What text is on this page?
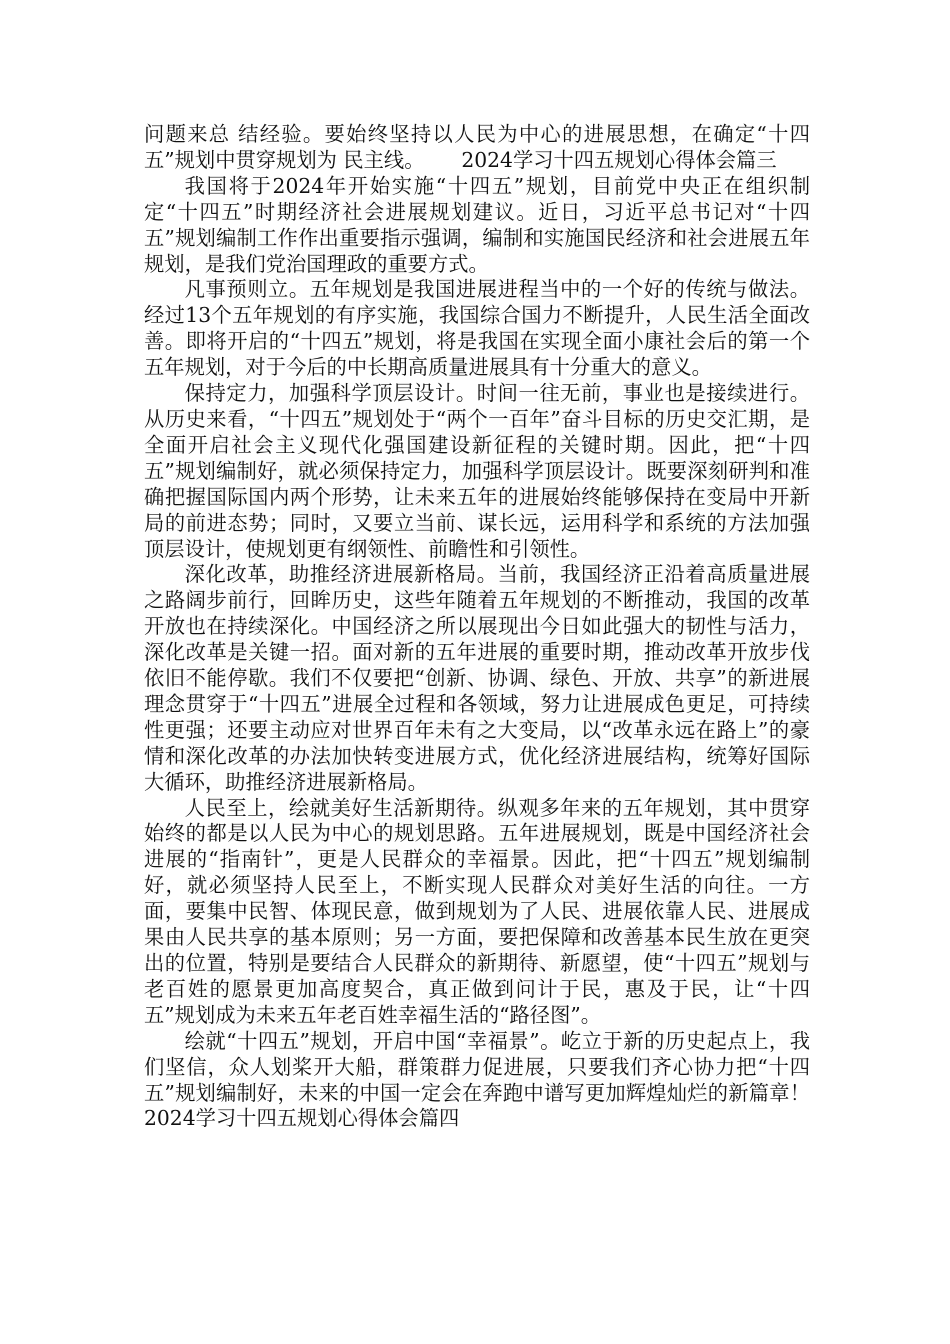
问题来总 结经验。要始终坚持以人民为中心的进展思想，在确定“十四五”规划中贯穿规划为 民主线。　　 2024学习十四五规划心得体会篇三

我国将于2024年开始实施“十四五”规划，目前党中央正在组织制定“十四五”时期经济社会进展规划建议。近日，习近平总书记对“十四五”规划编制工作作出重要指示强调，编制和实施国民经济和社会进展五年规划，是我们党治国理政的重要方式。

凡事预则立。五年规划是我国进展进程当中的一个好的传统与做法。经过13个五年规划的有序实施，我国综合国力不断提升，人民生活全面改善。即将开启的“十四五”规划，将是我国在实现全面小康社会后的第一个五年规划，对于今后的中长期高质量进展具有十分重大的意义。

保持定力，加强科学顶层设计。时间一往无前，事业也是接续进行。从历史来看，“十四五”规划处于“两个一百年”奋斗目标的历史交汇期，是全面开启社会主义现代化强国建设新征程的关键时期。因此，把“十四五”规划编制好，就必须保持定力，加强科学顶层设计。既要深刻研判和准确把握国际国内两个形势，让未来五年的进展始终能够保持在变局中开新局的前进态势；同时，又要立当前、谋长远，运用科学和系统的方法加强顶层设计，使规划更有纲领性、前瞻性和引领性。

深化改革，助推经济进展新格局。当前，我国经济正沿着高质量进展之路阔步前行，回眸历史，这些年随着五年规划的不断推动，我国的改革开放也在持续深化。中国经济之所以展现出今日如此强大的韧性与活力，深化改革是关键一招。面对新的五年进展的重要时期，推动改革开放步伐依旧不能停歇。我们不仅要把“创新、协调、绿色、开放、共享”的新进展理念贯穿于“十四五”进展全过程和各领域，努力让进展成色更足，可持续性更强；还要主动应对世界百年未有之大变局，以“改革永远在路上”的豪情和深化改革的办法加快转变进展方式，优化经济进展结构，统筹好国际大循环，助推经济进展新格局。

人民至上，绘就美好生活新期待。纵观多年来的五年规划，其中贯穿始终的都是以人民为中心的规划思路。五年进展规划，既是中国经济社会进展的“指南针”，更是人民群众的幸福景。因此，把“十四五”规划编制好，就必须坚持人民至上，不断实现人民群众对美好生活的向往。一方面，要集中民智、体现民意，做到规划为了人民、进展依靠人民、进展成果由人民共享的基本原则；另一方面，要把保障和改善基本民生放在更突出的位置，特别是要结合人民群众的新期待、新愿望，使“十四五”规划与老百姓的愿景更加高度契合，真正做到问计于民，惠及于民，让“十四五”规划成为未来五年老百姓幸福生活的“路径图”。

绘就“十四五”规划，开启中国“幸福景”。屹立于新的历史起点上，我们坚信，众人划桨开大船，群策群力促进展，只要我们齐心协力把“十四五”规划编制好，未来的中国一定会在奔跑中谱写更加辉煌灿烂的新篇章！　　 2024学习十四五规划心得体会篇四
